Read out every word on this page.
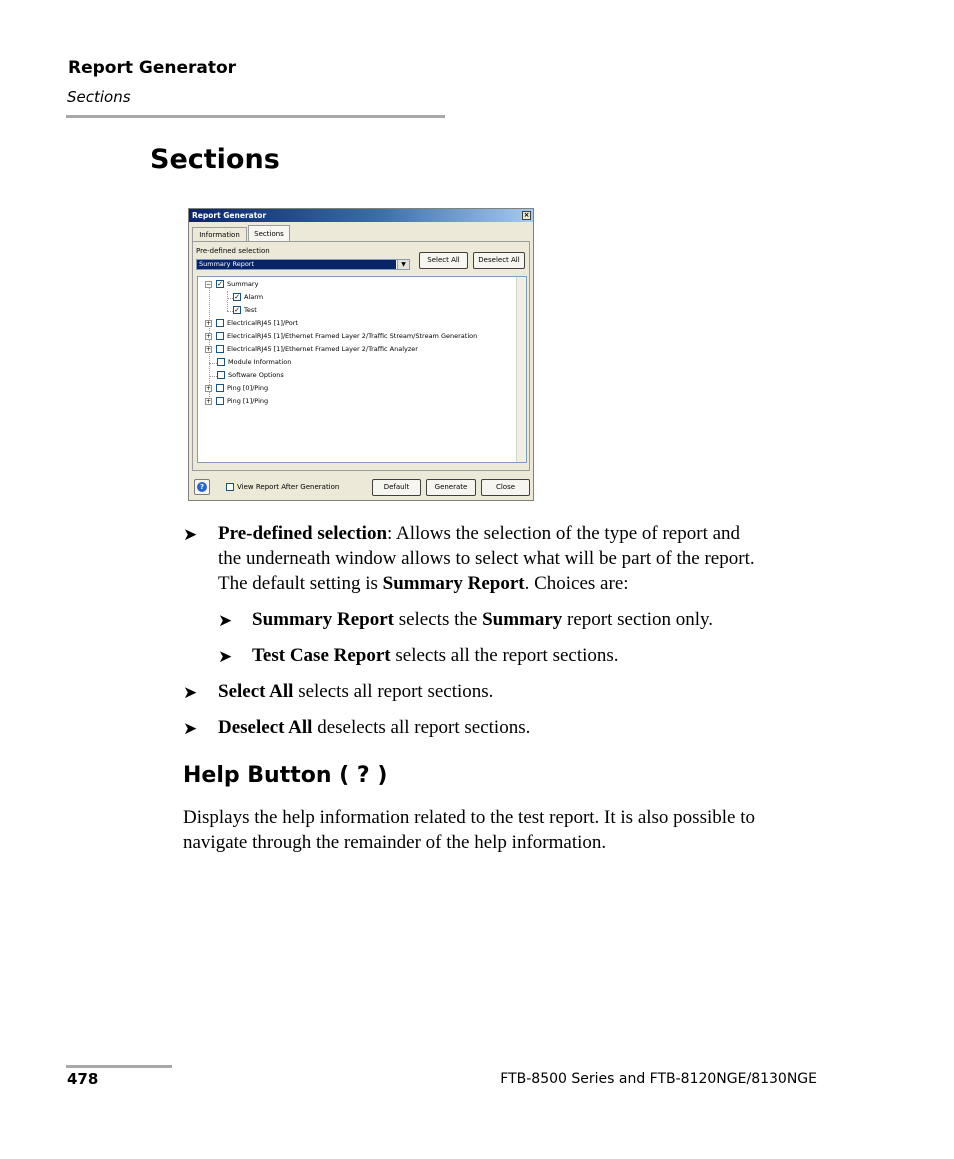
Report Generator
Sections
Sections
Report Generator	×
Information	Sections
Pre-defined selection
Summary Report	▼
Select All	Deselect All
− ✓ Summary
✓ Alarm
✓ Test
+ ElectricalRJ45 [1]/Port
+ ElectricalRJ45 [1]/Ethernet Framed Layer 2/Traffic Stream/Stream Generation
+ ElectricalRJ45 [1]/Ethernet Framed Layer 2/Traffic Analyzer
Module Information
Software Options
+ Ping [0]/Ping
+ Ping [1]/Ping
?	View Report After Generation	Default	Generate	Close
➤ Pre-defined selection: Allows the selection of the type of report and
the underneath window allows to select what will be part of the report.
The default setting is Summary Report. Choices are:
➤ Summary Report selects the Summary report section only.
➤ Test Case Report selects all the report sections.
➤ Select All selects all report sections.
➤ Deselect All deselects all report sections.
Help Button ( ? )
Displays the help information related to the test report. It is also possible to
navigate through the remainder of the help information.
478	FTB-8500 Series and FTB-8120NGE/8130NGE
